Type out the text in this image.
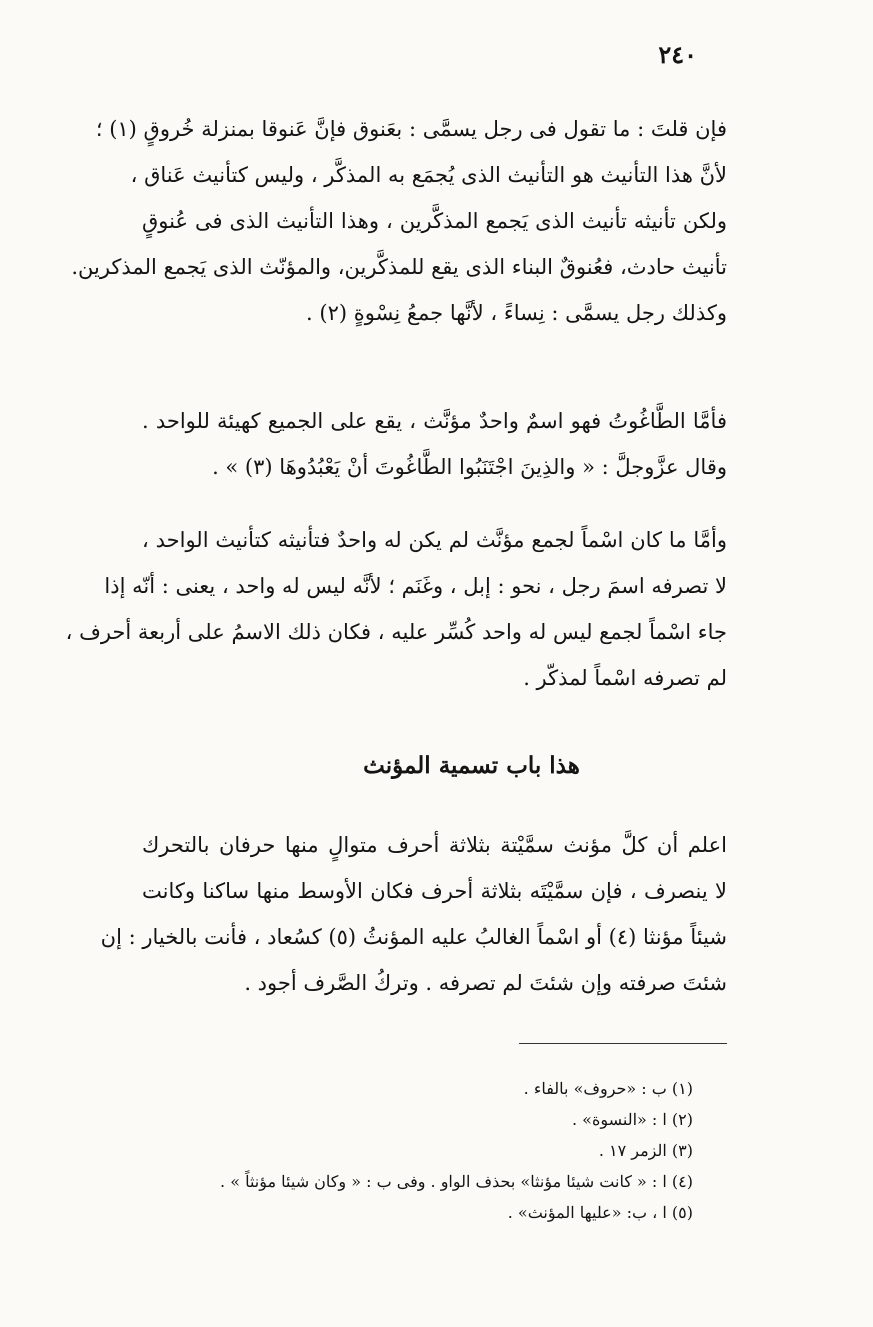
٢٤٠
فإن قلتَ : ما تقول فى رجل يسمَّى : بعَنوق فإنَّ عَنوقا بمنزلة خُروقٍ (١) ؛
لأنَّ هذا التأنيث هو التأنيث الذى يُجمَع به المذكَّر ، وليس كتأنيث عَناق ،
ولكن تأنيثه تأنيث الذى يَجمع المذكَّرين ، وهذا التأنيث الذى فى عُنوقٍ
تأنيث حادث، فعُنوقٌ البناء الذى يقع للمذكَّرين، والمؤنّث الذى يَجمع المذكرين.
وكذلك رجل يسمَّى : نِساءً ، لأنَّها جمعُ نِسْوةٍ (٢) .
فأمَّا الطَّاغُوتُ فهو اسمٌ واحدٌ مؤنَّث ، يقع على الجميع كهيئة للواحد .
وقال عزَّوجلَّ : « والذِينَ اجْتَنَبُوا الطَّاغُوتَ أنْ يَعْبُدُوهَا (٣) » .
وأمَّا ما كان اسْماً لجمع مؤنَّث لم يكن له واحدٌ فتأنيثه كتأنيث الواحد ،
لا تصرفه اسمَ رجل ، نحو : إبل ، وغَنَم ؛ لأنَّه ليس له واحد ، يعنى : أنّه إذا
جاء اسْماً لجمع ليس له واحد كُسِّر عليه ، فكان ذلك الاسمُ على أربعة أحرف ،
لم تصرفه اسْماً لمذكّر .
هذا باب تسمية المؤنث
اعلم أن كلَّ مؤنث سمَّيْتة بثلاثة أحرف متوالٍ منها حرفان بالتحرك
لا ينصرف ، فإن سمَّيْتَه بثلاثة أحرف فكان الأوسط منها ساكنا وكانت
شيئاً مؤنثا (٤) أو اسْماً الغالبُ عليه المؤنثُ (٥) كسُعاد ، فأنت بالخيار : إن
شئتَ صرفته وإن شئتَ لم تصرفه . وتركُ الصَّرف أجود .
(١) ب : «حروف» بالفاء .
(٢) ا : «النسوة» .
(٣) الزمر ١٧ .
(٤) ا : « كانت شيئا مؤنثا» بحذف الواو . وفى ب : « وكان شيئا مؤنثاً » .
(٥) ا ، ب: «عليها المؤنث» .
